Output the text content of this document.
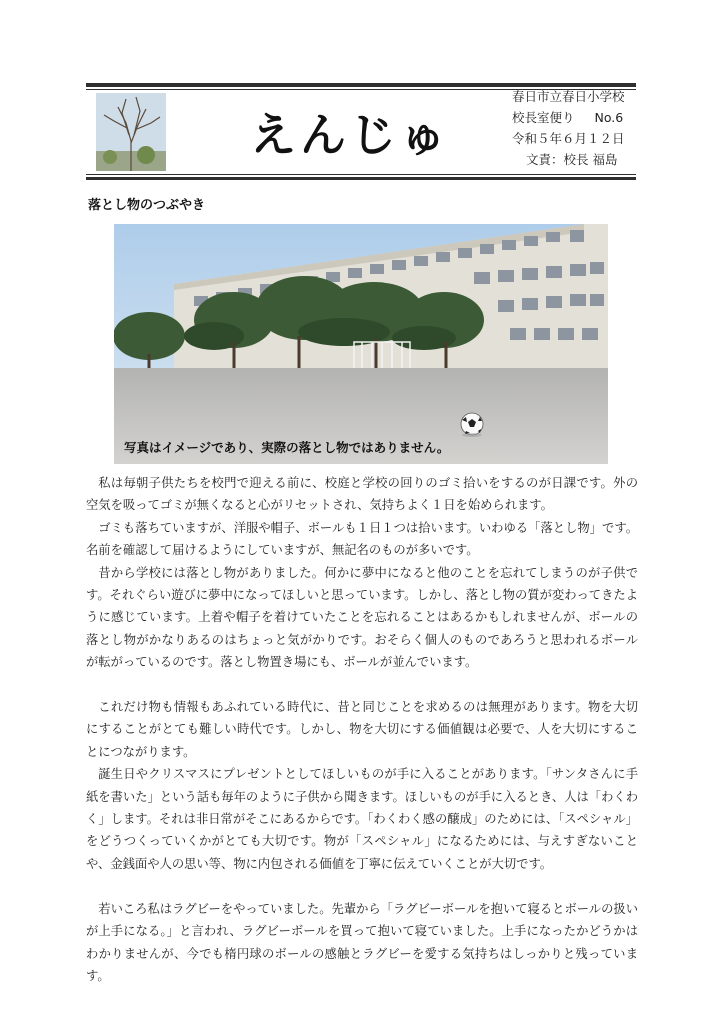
えんじゅ
春日市立春日小学校
校長室便り No.6
令和５年６月１２日
文責：校長 福島
落とし物のつぶやき
写真はイメージであり、実際の落とし物ではありません。

私は毎朝子供たちを校門で迎える前に、校庭と学校の回りのゴミ拾いをするのが日課です。外の空気を吸ってゴミが無くなると心がリセットされ、気持ちよく１日を始められます。

ゴミも落ちていますが、洋服や帽子、ボールも１日１つは拾います。いわゆる「落とし物」です。名前を確認して届けるようにしていますが、無記名のものが多いです。

昔から学校には落とし物がありました。何かに夢中になると他のことを忘れてしまうのが子供です。それぐらい遊びに夢中になってほしいと思っています。しかし、落とし物の質が変わってきたように感じています。上着や帽子を着けていたことを忘れることはあるかもしれませんが、ボールの落とし物がかなりあるのはちょっと気がかりです。おそらく個人のものであろうと思われるボールが転がっているのです。落とし物置き場にも、ボールが並んでいます。

これだけ物も情報もあふれている時代に、昔と同じことを求めるのは無理があります。物を大切にすることがとても難しい時代です。しかし、物を大切にする価値観は必要で、人を大切にすることにつながります。

誕生日やクリスマスにプレゼントとしてほしいものが手に入ることがあります。「サンタさんに手紙を書いた」という話も毎年のように子供から聞きます。ほしいものが手に入るとき、人は「わくわく」します。それは非日常がそこにあるからです。「わくわく感の醸成」のためには、「スペシャル」をどうつくっていくかがとても大切です。物が「スペシャル」になるためには、与えすぎないことや、金銭面や人の思い等、物に内包される価値を丁寧に伝えていくことが大切です。

若いころ私はラグビーをやっていました。先輩から「ラグビーボールを抱いて寝るとボールの扱いが上手になる。」と言われ、ラグビーボールを買って抱いて寝ていました。上手になったかどうかはわかりませんが、今でも楕円球のボールの感触とラグビーを愛する気持ちはしっかりと残っています。
